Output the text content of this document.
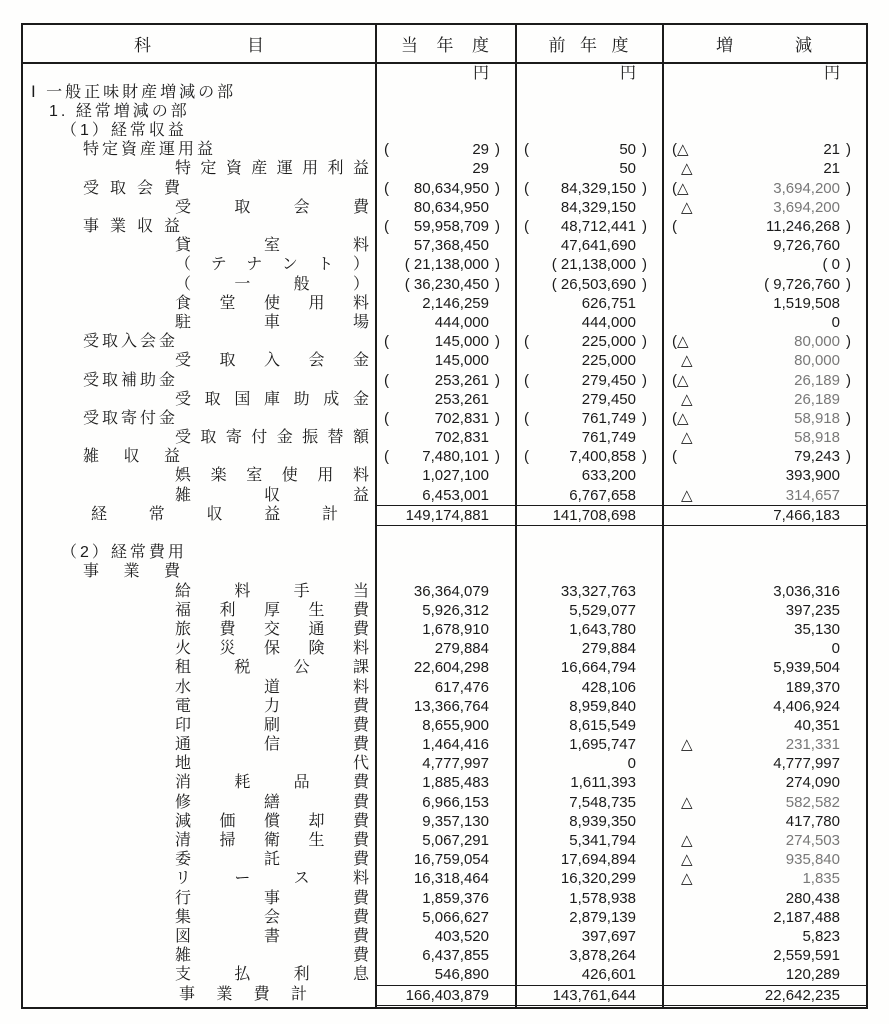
科	目	当 年 度	前 年 度	増	減
円	円	円
Ⅰ 一般正味財産増減の部
1. 経常増減の部
（1）経常収益
特定資産運用益	(	29 )	(	50 )	(△	21 )
特 定 資 産 運 用 利 益	29	50	△	21
受 取 会 費	(	80,634,950 )	(	84,329,150 )	(△	3,694,200 )
受	取	会	費	80,634,950	84,329,150	△	3,694,200
事 業 収 益	(	59,958,709 )	(	48,712,441 )	(	11,246,268 )
貸	室	料	57,368,450	47,641,690	9,726,760
（ テ ナ ン ト ）	( 21,138,000 )	( 21,138,000 )	( 0 )
（	一	般	）	( 36,230,450 )	( 26,503,690 )	( 9,726,760 )
食 堂 使 用 料	2,146,259	626,751	1,519,508
駐	車	場	444,000	444,000	0
受取入会金	(	145,000 )	(	225,000 )	(△	80,000 )
受 取 入 会 金	145,000	225,000	△	80,000
受取補助金	(	253,261 )	(	279,450 )	(△	26,189 )
受 取 国 庫 助 成 金	253,261	279,450	△	26,189
受取寄付金	(	702,831 )	(	761,749 )	(△	58,918 )
受 取 寄 付 金 振 替 額	702,831	761,749	△	58,918
雑 収 益	(	7,480,101 )	(	7,400,858 )	(	79,243 )
娯 楽 室 使 用 料	1,027,100	633,200	393,900
雑	収	益	6,453,001	6,767,658	△	314,657
経	常	収	益	計	149,174,881	141,708,698	7,466,183
（2）経常費用
事 業 費
給	料	手	当	36,364,079	33,327,763	3,036,316
福 利 厚 生 費	5,926,312	5,529,077	397,235
旅 費 交 通 費	1,678,910	1,643,780	35,130
火 災 保 険 料	279,884	279,884	0
租	税	公	課	22,604,298	16,664,794	5,939,504
水	道	料	617,476	428,106	189,370
電	力	費	13,366,764	8,959,840	4,406,924
印	刷	費	8,655,900	8,615,549	40,351
通	信	費	1,464,416	1,695,747	△	231,331
地	代	4,777,997	0	4,777,997
消	耗	品	費	1,885,483	1,611,393	274,090
修	繕	費	6,966,153	7,548,735	△	582,582
減 価 償 却 費	9,357,130	8,939,350	417,780
清 掃 衛 生 費	5,067,291	5,341,794	△	274,503
委	託	費	16,759,054	17,694,894	△	935,840
リ	ー	ス	料	16,318,464	16,320,299	△	1,835
行	事	費	1,859,376	1,578,938	280,438
集	会	費	5,066,627	2,879,139	2,187,488
図	書	費	403,520	397,697	5,823
雑	費	6,437,855	3,878,264	2,559,591
支	払	利	息	546,890	426,601	120,289
事 業 費 計	166,403,879	143,761,644	22,642,235
